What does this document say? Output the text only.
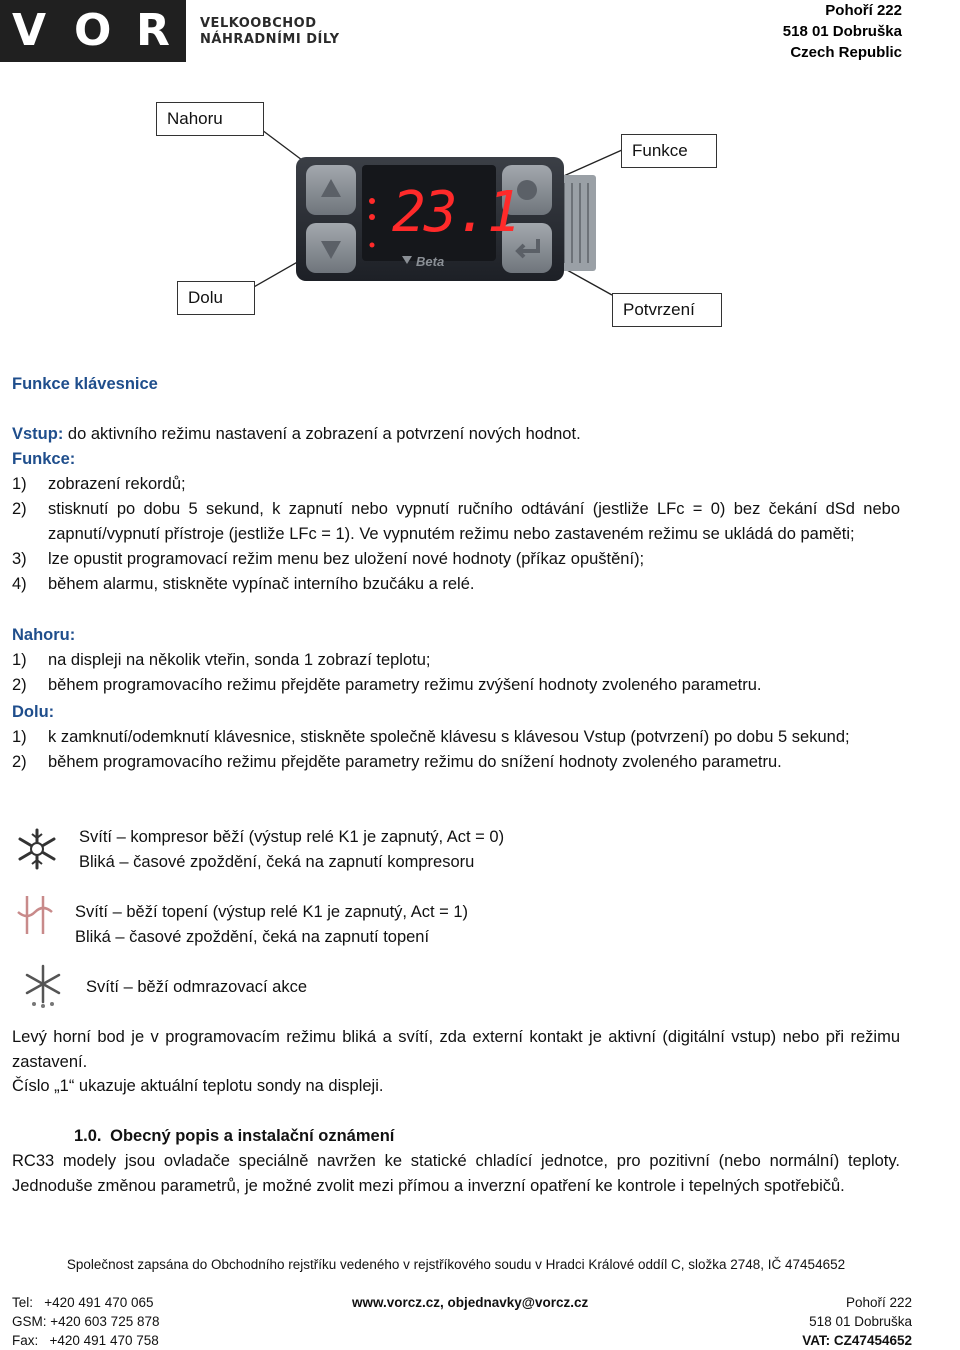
V O R VELKOOBCHOD
NÁHRADNÍMI DÍLY
Pohoří 222
518 01 Dobruška
Czech Republic
Nahoru
Funkce
Dolu
Potvrzení
23.1
Beta
Funkce klávesnice
Vstup: do aktivního režimu nastavení a zobrazení a potvrzení nových hodnot.
Funkce:
1) zobrazení rekordů;
2) stisknutí po dobu 5 sekund, k zapnutí nebo vypnutí ručního odtávání (jestliže LFc = 0) bez čekání dSd nebo zapnutí/vypnutí přístroje (jestliže LFc = 1). Ve vypnutém režimu nebo zastaveném režimu se ukládá do paměti;
3) lze opustit programovací režim menu bez uložení nové hodnoty (příkaz opuštění);
4) během alarmu, stiskněte vypínač interního bzučáku a relé.
Nahoru:
1) na displeji na několik vteřin, sonda 1 zobrazí teplotu;
2) během programovacího režimu přejděte parametry režimu zvýšení hodnoty zvoleného parametru.
Dolu:
1) k zamknutí/odemknutí klávesnice, stiskněte společně klávesu s klávesou Vstup (potvrzení) po dobu 5 sekund;
2) během programovacího režimu přejděte parametry režimu do snížení hodnoty zvoleného parametru.
Svítí – kompresor běží (výstup relé K1 je zapnutý, Act = 0)
Bliká – časové zpoždění, čeká na zapnutí kompresoru
Svítí – běží topení (výstup relé K1 je zapnutý, Act = 1)
Bliká – časové zpoždění, čeká na zapnutí topení
Svítí – běží odmrazovací akce
Levý horní bod je v programovacím režimu bliká a svítí, zda externí kontakt je aktivní (digitální vstup) nebo při režimu zastavení.
Číslo „1“ ukazuje aktuální teplotu sondy na displeji.
1.0. Obecný popis a instalační oznámení
RC33 modely jsou ovladače speciálně navržen ke statické chladící jednotce, pro pozitivní (nebo normální) teploty. Jednoduše změnou parametrů, je možné zvolit mezi přímou a inverzní opatření ke kontrole i tepelných spotřebičů.
Společnost zapsána do Obchodního rejstříku vedeného v rejstříkového soudu v Hradci Králové oddíl C, složka 2748, IČ 47454652
Tel:   +420 491 470 065
GSM: +420 603 725 878
Fax:   +420 491 470 758
www.vorcz.cz, objednavky@vorcz.cz	Pohoří 222
518 01 Dobruška
VAT: CZ47454652
